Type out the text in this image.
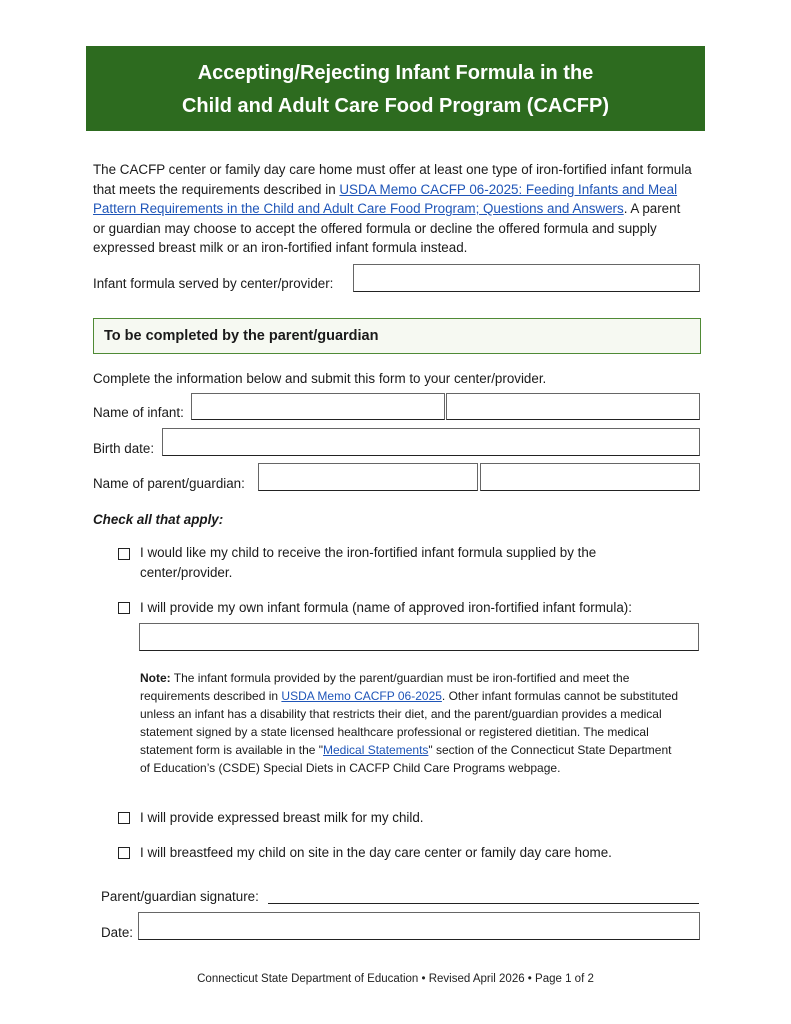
Accepting/Rejecting Infant Formula in the
Child and Adult Care Food Program (CACFP)
The CACFP center or family day care home must offer at least one type of iron-fortified infant formula that meets the requirements described in USDA Memo CACFP 06-2025: Feeding Infants and Meal Pattern Requirements in the Child and Adult Care Food Program; Questions and Answers. A parent or guardian may choose to accept the offered formula or decline the offered formula and supply expressed breast milk or an iron-fortified infant formula instead.
Infant formula served by center/provider:
To be completed by the parent/guardian
Complete the information below and submit this form to your center/provider.
Name of infant:
Birth date:
Name of parent/guardian:
Check all that apply:
I would like my child to receive the iron-fortified infant formula supplied by the center/provider.
I will provide my own infant formula (name of approved iron-fortified infant formula):
Note: The infant formula provided by the parent/guardian must be iron-fortified and meet the requirements described in USDA Memo CACFP 06-2025. Other infant formulas cannot be substituted unless an infant has a disability that restricts their diet, and the parent/guardian provides a medical statement signed by a state licensed healthcare professional or registered dietitian. The medical statement form is available in the "Medical Statements" section of the Connecticut State Department of Education’s (CSDE) Special Diets in CACFP Child Care Programs webpage.
I will provide expressed breast milk for my child.
I will breastfeed my child on site in the day care center or family day care home.
Parent/guardian signature:
Date:
Connecticut State Department of Education • Revised April 2026 • Page 1 of 2
